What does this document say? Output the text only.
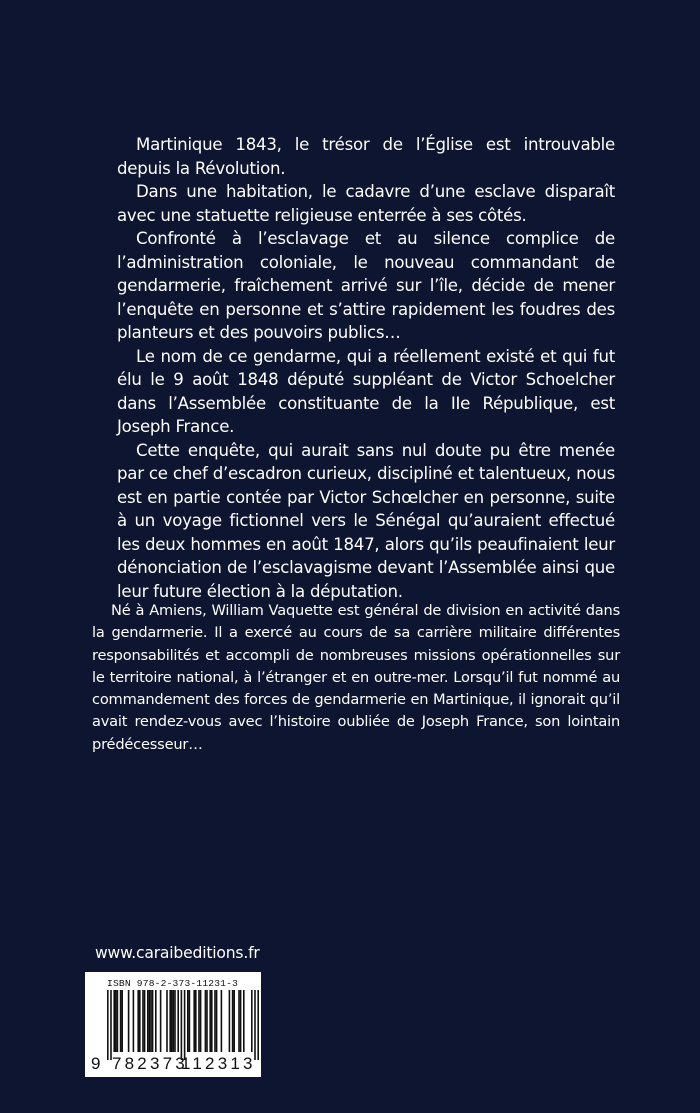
Martinique 1843, le trésor de l’Église est introuvable depuis la Révolution.

Dans une habitation, le cadavre d’une esclave disparaît avec une statuette religieuse enterrée à ses côtés.

Confronté à l’esclavage et au silence complice de l’administration coloniale, le nouveau commandant de gendarmerie, fraîchement arrivé sur l’île, décide de mener l’enquête en personne et s’attire rapidement les foudres des planteurs et des pouvoirs publics…

Le nom de ce gendarme, qui a réellement existé et qui fut élu le 9 août 1848 député suppléant de Victor Schoelcher dans l’Assemblée constituante de la IIe République, est Joseph France.

Cette enquête, qui aurait sans nul doute pu être menée par ce chef d’escadron curieux, discipliné et talentueux, nous est en partie contée par Victor Schœlcher en personne, suite à un voyage fictionnel vers le Sénégal qu’auraient effectué les deux hommes en août 1847, alors qu’ils peaufinaient leur dénonciation de l’esclavagisme devant l’Assemblée ainsi que leur future élection à la députation.

Né à Amiens, William Vaquette est général de division en activité dans la gendarmerie. Il a exercé au cours de sa carrière militaire différentes responsabilités et accompli de nombreuses missions opérationnelles sur le territoire national, à l’étranger et en outre-mer. Lorsqu’il fut nommé au commandement des forces de gendarmerie en Martinique, il ignorait qu’il avait rendez-vous avec l’histoire oubliée de Joseph France, son lointain prédécesseur…

www.caraibeditions.fr
ISBN 978-2-373-11231-3
9 782373
112313
